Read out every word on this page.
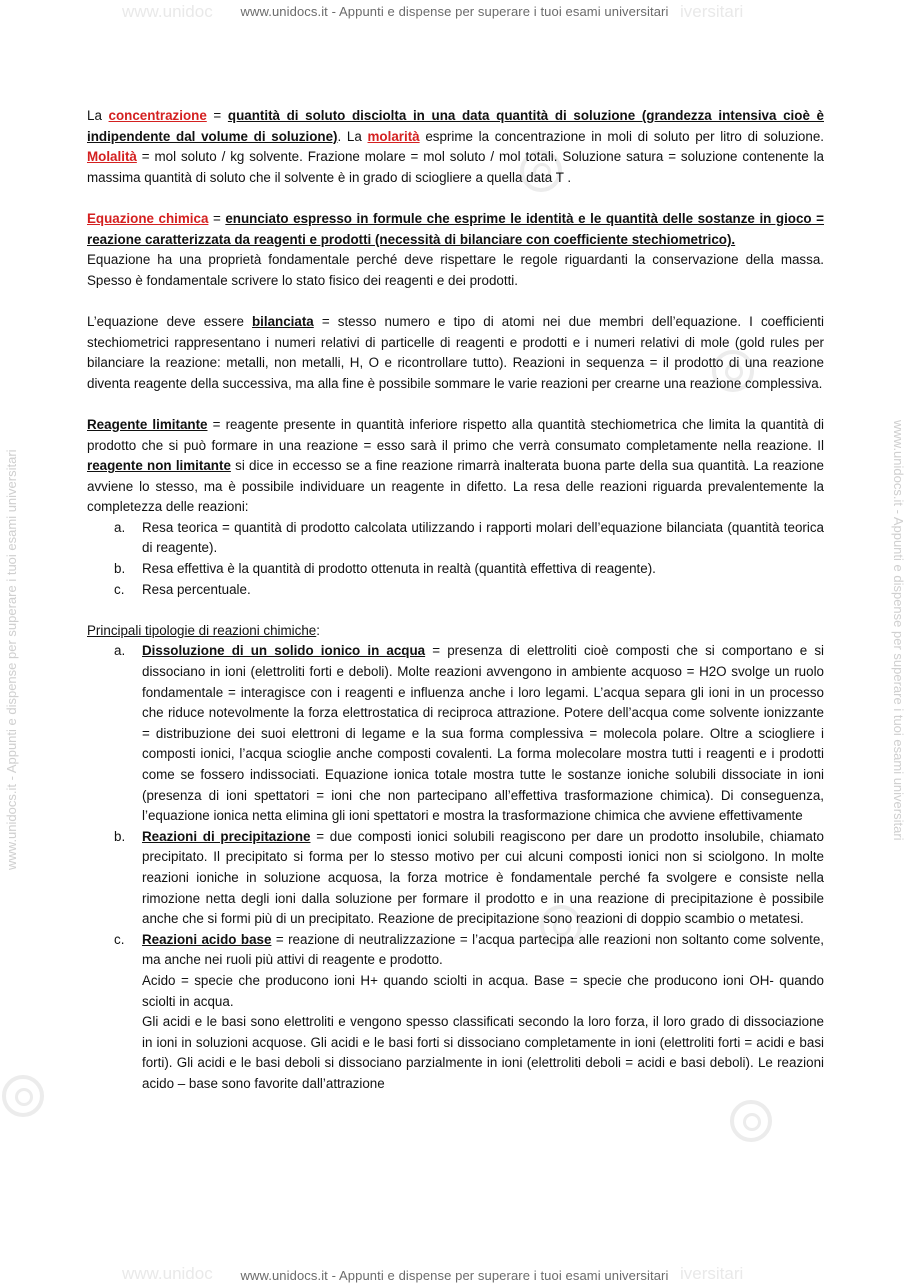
www.unidoc	iversitari
www.unidoc	iversitari
www.unidocs.it - Appunti e dispense per superare i tuoi esami universitari	www.unidocs.it - Appunti e dispense per superare i tuoi esami universitari
www.unidocs.it - Appunti e dispense per superare i tuoi esami universitari

La concentrazione = quantità di soluto disciolta in una data quantità di soluzione (grandezza intensiva cioè è indipendente dal volume di soluzione). La molarità esprime la concentrazione in moli di soluto per litro di soluzione. Molalità = mol soluto / kg solvente. Frazione molare = mol soluto / mol totali. Soluzione satura = soluzione contenente la massima quantità di soluto che il solvente è in grado di sciogliere a quella data T .

Equazione chimica = enunciato espresso in formule che esprime le identità e le quantità delle sostanze in gioco = reazione caratterizzata da reagenti e prodotti (necessità di bilanciare con coefficiente stechiometrico).

Equazione ha una proprietà fondamentale perché deve rispettare le regole riguardanti la conservazione della massa. Spesso è fondamentale scrivere lo stato fisico dei reagenti e dei prodotti.

L’equazione deve essere bilanciata = stesso numero e tipo di atomi nei due membri dell’equazione. I coefficienti stechiometrici rappresentano i numeri relativi di particelle di reagenti e prodotti e i numeri relativi di mole (gold rules per bilanciare la reazione: metalli, non metalli, H, O e ricontrollare tutto). Reazioni in sequenza = il prodotto di una reazione diventa reagente della successiva, ma alla fine è possibile sommare le varie reazioni per crearne una reazione complessiva.

Reagente limitante = reagente presente in quantità inferiore rispetto alla quantità stechiometrica che limita la quantità di prodotto che si può formare in una reazione = esso sarà il primo che verrà consumato completamente nella reazione. Il reagente non limitante si dice in eccesso se a fine reazione rimarrà inalterata buona parte della sua quantità. La reazione avviene lo stesso, ma è possibile individuare un reagente in difetto. La resa delle reazioni riguarda prevalentemente la completezza delle reazioni:

a. Resa teorica = quantità di prodotto calcolata utilizzando i rapporti molari dell’equazione bilanciata (quantità teorica di reagente).
b. Resa effettiva è la quantità di prodotto ottenuta in realtà (quantità effettiva di reagente).
c. Resa percentuale.

Principali tipologie di reazioni chimiche:

a. Dissoluzione di un solido ionico in acqua = presenza di elettroliti cioè composti che si comportano e si dissociano in ioni (elettroliti forti e deboli). Molte reazioni avvengono in ambiente acquoso = H2O svolge un ruolo fondamentale = interagisce con i reagenti e influenza anche i loro legami. L’acqua separa gli ioni in un processo che riduce notevolmente la forza elettrostatica di reciproca attrazione. Potere dell’acqua come solvente ionizzante = distribuzione dei suoi elettroni di legame e la sua forma complessiva = molecola polare. Oltre a sciogliere i composti ionici, l’acqua scioglie anche composti covalenti. La forma molecolare mostra tutti i reagenti e i prodotti come se fossero indissociati. Equazione ionica totale mostra tutte le sostanze ioniche solubili dissociate in ioni (presenza di ioni spettatori = ioni che non partecipano all’effettiva trasformazione chimica). Di conseguenza, l’equazione ionica netta elimina gli ioni spettatori e mostra la trasformazione chimica che avviene effettivamente
b. Reazioni di precipitazione = due composti ionici solubili reagiscono per dare un prodotto insolubile, chiamato precipitato. Il precipitato si forma per lo stesso motivo per cui alcuni composti ionici non si sciolgono. In molte reazioni ioniche in soluzione acquosa, la forza motrice è fondamentale perché fa svolgere e consiste nella rimozione netta degli ioni dalla soluzione per formare il prodotto e in una reazione di precipitazione è possibile anche che si formi più di un precipitato. Reazione de precipitazione sono reazioni di doppio scambio o metatesi.
c. Reazioni acido base = reazione di neutralizzazione = l’acqua partecipa alle reazioni non soltanto come solvente, ma anche nei ruoli più attivi di reagente e prodotto.
Acido = specie che producono ioni H+ quando sciolti in acqua. Base = specie che producono ioni OH- quando sciolti in acqua.
Gli acidi e le basi sono elettroliti e vengono spesso classificati secondo la loro forza, il loro grado di dissociazione in ioni in soluzioni acquose. Gli acidi e le basi forti si dissociano completamente in ioni (elettroliti forti = acidi e basi forti). Gli acidi e le basi deboli si dissociano parzialmente in ioni (elettroliti deboli = acidi e basi deboli). Le reazioni acido – base sono favorite dall’attrazione
www.unidocs.it - Appunti e dispense per superare i tuoi esami universitari
